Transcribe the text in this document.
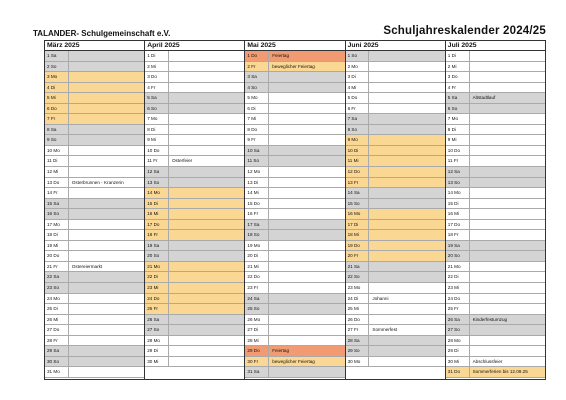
TALANDER- Schulgemeinschaft e.V.	Schuljahreskalender 2024/25
März 2025
1 Sa
2 So
3 Mo
4 Di
5 Mi
6 Do
7 Fr
8 Sa
9 So
10 Mo
11 Di
12 Mi
13 Do	Osterbrunnen - Kranzerin
14 Fr
15 Sa
16 So
17 Mo
18 Di
19 Mi
20 Do
21 Fr	Ostereiermarkt
22 Sa
23 So
24 Mo
25 Di
26 Mi
27 Do
28 Fr
29 Sa
30 So
31 Mo
April 2025
1 Di
2 Mi
3 Do
4 Fr
5 Sa
6 So
7 Mo
8 Di
9 Mi
10 Do
11 Fr	Osterfeier
12 Sa
13 So
14 Mo
15 Di
16 Mi
17 Do
18 Fr
19 Sa
20 So
21 Mo
22 Di
23 Mi
24 Do
25 Fr
26 Sa
27 So
28 Mo
29 Di
30 Mi
Mai 2025
1 Do	Feiertag
2 Fr	beweglicher Feiertag
3 Sa
4 So
5 Mo
6 Di
7 Mi
8 Do
9 Fr
10 Sa
11 So
12 Mo
13 Di
14 Mi
15 Do
16 Fr
17 Sa
18 So
19 Mo
20 Di
21 Mi
22 Do
23 Fr
24 Sa
25 So
26 Mo
27 Di
28 Mi
29 Do	Feiertag
30 Fr	beweglicher Feiertag
31 Sa
Juni 2025
1 So
2 Mo
3 Di
4 Mi
5 Do
6 Fr
7 Sa
8 So
9 Mo
10 Di
11 Mi
12 Do
13 Fr
14 Sa
15 So
16 Mo
17 Di
18 Mi
19 Do
20 Fr
21 Sa
22 So
23 Mo
24 Di	Johanni
25 Mi
26 Do
27 Fr	Sommerfest
28 Sa
29 So
30 Mo
Juli 2025
1 Di
2 Mi
3 Do
4 Fr
5 Sa	Altstadtlauf
6 So
7 Mo
8 Di
9 Mi
10 Do
11 Fr
12 Sa
13 So
14 Mo
15 Di
16 Mi
17 Do
18 Fr
19 Sa
20 So
21 Mo
22 Di
23 Mi
24 Do
25 Fr
26 Sa	Kinderfestumzug
27 So
28 Mo
29 Di
30 Mi	Abschlussfeier
31 Do	Sommerferien bis 12.09.25
